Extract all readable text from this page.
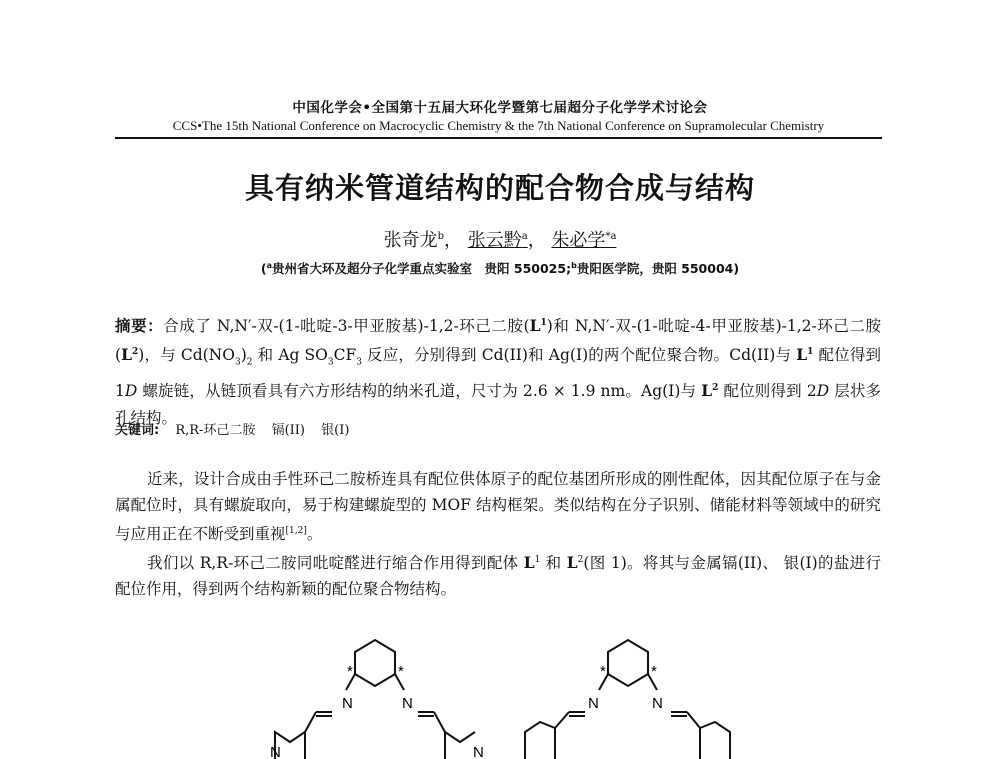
中国化学会•全国第十五届大环化学暨第七届超分子化学学术讨论会
CCS•The 15th National Conference on Macrocyclic Chemistry & the 7th National Conference on Supramolecular Chemistry
具有纳米管道结构的配合物合成与结构
张奇龙$^b$， 张云黔$^a$， 朱必学$^{*a}$
($^a$贵州省大环及超分子化学重点实验室　贵阳 550025;$^b$贵阳医学院，贵阳 550004)
摘要：合成了 N,N′-双-(1-吡啶-3-甲亚胺基)-1,2-环己二胺$(L^1)$和 N,N′-双-(1-吡啶-4-甲亚胺基)-1,2-环己二胺$(L^2)$，与 $Cd(NO_3)_2$ 和 Ag $SO_3CF_3$ 反应，分别得到 Cd(II)和 Ag(I)的两个配位聚合物。Cd(II)与 $L^1$ 配位得到 1D 螺旋链，从链顶看具有六方形结构的纳米孔道，尺寸为 2.6 × 1.9 nm。Ag(I)与 $L^2$ 配位则得到 2D 层状多孔结构。
关键词: R,R-环己二胺 镉(II) 银(I)

近来，设计合成由手性环己二胺桥连具有配位供体原子的配位基团所形成的刚性配体，因其配位原子在与金属配位时，具有螺旋取向，易于构建螺旋型的 MOF 结构框架。类似结构在分子识别、储能材料等领域中的研究与应用正在不断受到重视[1,2]。

我们以 R,R-环己二胺同吡啶醛进行缩合作用得到配体 $L^1$ 和 $L^2$(图 1)。将其与金属镉(II)、 银(I)的盐进行配位作用，得到两个结构新颖的配位聚合物结构。

N	N
N	N
*	*
N	N
*	*
